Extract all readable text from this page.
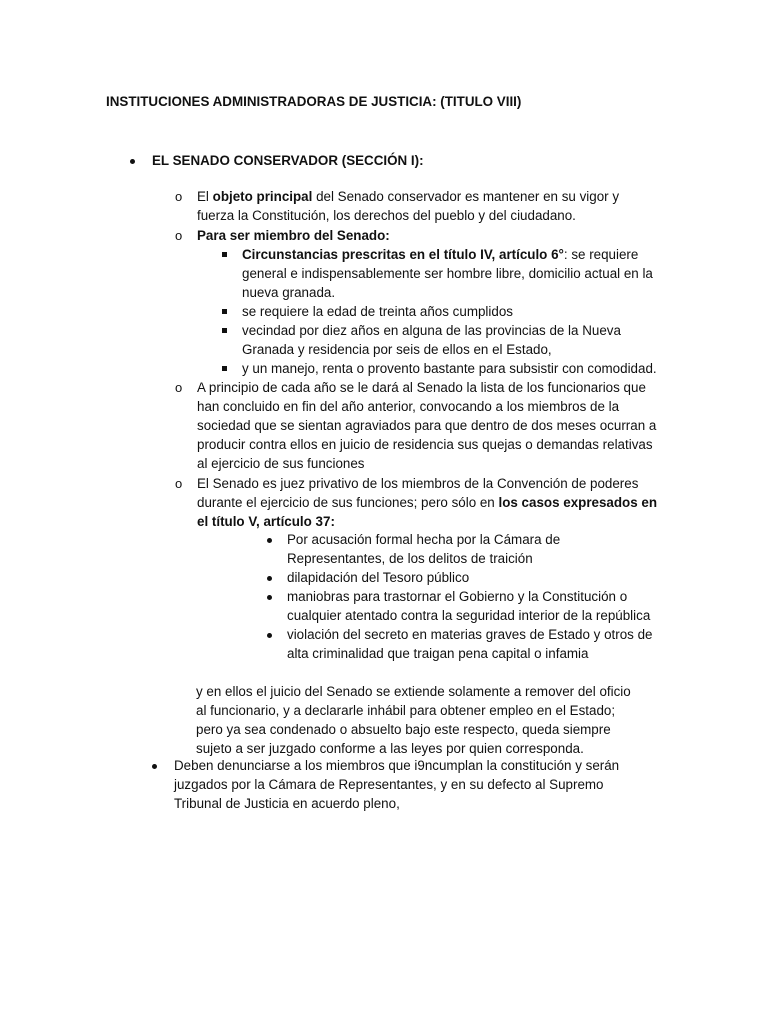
INSTITUCIONES ADMINISTRADORAS DE JUSTICIA: (TITULO VIII)
EL SENADO CONSERVADOR (SECCIÓN I):
o El objeto principal del Senado conservador es mantener en su vigor y fuerza la Constitución, los derechos del pueblo y del ciudadano.
o Para ser miembro del Senado:
Circunstancias prescritas en el título IV, artículo 6°: se requiere general e indispensablemente ser hombre libre, domicilio actual en la nueva granada.
se requiere la edad de treinta años cumplidos
vecindad por diez años en alguna de las provincias de la Nueva Granada y residencia por seis de ellos en el Estado,
y un manejo, renta o provento bastante para subsistir con comodidad.
o A principio de cada año se le dará al Senado la lista de los funcionarios que han concluido en fin del año anterior, convocando a los miembros de la sociedad que se sientan agraviados para que dentro de dos meses ocurran a producir contra ellos en juicio de residencia sus quejas o demandas relativas al ejercicio de sus funciones
o El Senado es juez privativo de los miembros de la Convención de poderes durante el ejercicio de sus funciones; pero sólo en los casos expresados en el título V, artículo 37:
Por acusación formal hecha por la Cámara de Representantes, de los delitos de traición
dilapidación del Tesoro público
maniobras para trastornar el Gobierno y la Constitución o cualquier atentado contra la seguridad interior de la república
violación del secreto en materias graves de Estado y otros de alta criminalidad que traigan pena capital o infamia
y en ellos el juicio del Senado se extiende solamente a remover del oficio al funcionario, y a declararle inhábil para obtener empleo en el Estado; pero ya sea condenado o absuelto bajo este respecto, queda siempre sujeto a ser juzgado conforme a las leyes por quien corresponda.
Deben denunciarse a los miembros que i9ncumplan la constitución y serán juzgados por la Cámara de Representantes, y en su defecto al Supremo Tribunal de Justicia en acuerdo pleno,
